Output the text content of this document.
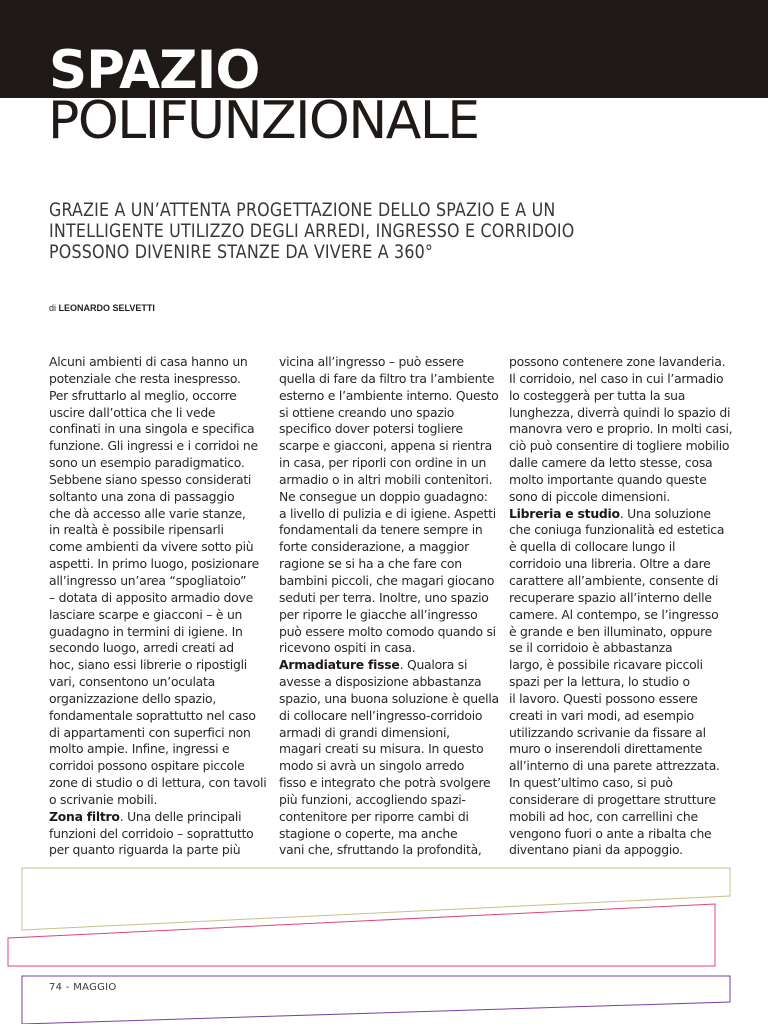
SPAZIO
POLIFUNZIONALE
GRAZIE A UN’ATTENTA PROGETTAZIONE DELLO SPAZIO E A UN
INTELLIGENTE UTILIZZO DEGLI ARREDI, INGRESSO E CORRIDOIO
POSSONO DIVENIRE STANZE DA VIVERE A 360°

di LEONARDO SELVETTI

Alcuni ambienti di casa hanno un
potenziale che resta inespresso.
Per sfruttarlo al meglio, occorre
uscire dall’ottica che li vede
confinati in una singola e specifica
funzione. Gli ingressi e i corridoi ne
sono un esempio paradigmatico.
Sebbene siano spesso considerati
soltanto una zona di passaggio
che dà accesso alle varie stanze,
in realtà è possibile ripensarli
come ambienti da vivere sotto più
aspetti. In primo luogo, posizionare
all’ingresso un’area “spogliatoio”
– dotata di apposito armadio dove
lasciare scarpe e giacconi – è un
guadagno in termini di igiene. In
secondo luogo, arredi creati ad
hoc, siano essi librerie o ripostigli
vari, consentono un’oculata
organizzazione dello spazio,
fondamentale soprattutto nel caso
di appartamenti con superfici non
molto ampie. Infine, ingressi e
corridoi possono ospitare piccole
zone di studio o di lettura, con tavoli
o scrivanie mobili.
Zona filtro. Una delle principali
funzioni del corridoio – soprattutto
per quanto riguarda la parte più
vicina all’ingresso – può essere
quella di fare da filtro tra l’ambiente
esterno e l’ambiente interno. Questo
si ottiene creando uno spazio
specifico dover potersi togliere
scarpe e giacconi, appena si rientra
in casa, per riporli con ordine in un
armadio o in altri mobili contenitori.
Ne consegue un doppio guadagno:
a livello di pulizia e di igiene. Aspetti
fondamentali da tenere sempre in
forte considerazione, a maggior
ragione se si ha a che fare con
bambini piccoli, che magari giocano
seduti per terra. Inoltre, uno spazio
per riporre le giacche all’ingresso
può essere molto comodo quando si
ricevono ospiti in casa.
Armadiature fisse. Qualora si
avesse a disposizione abbastanza
spazio, una buona soluzione è quella
di collocare nell’ingresso-corridoio
armadi di grandi dimensioni,
magari creati su misura. In questo
modo si avrà un singolo arredo
fisso e integrato che potrà svolgere
più funzioni, accogliendo spazi-
contenitore per riporre cambi di
stagione o coperte, ma anche
vani che, sfruttando la profondità,
possono contenere zone lavanderia.
Il corridoio, nel caso in cui l’armadio
lo costeggerà per tutta la sua
lunghezza, diverrà quindi lo spazio di
manovra vero e proprio. In molti casi,
ciò può consentire di togliere mobilio
dalle camere da letto stesse, cosa
molto importante quando queste
sono di piccole dimensioni.
Libreria e studio. Una soluzione
che coniuga funzionalità ed estetica
è quella di collocare lungo il
corridoio una libreria. Oltre a dare
carattere all’ambiente, consente di
recuperare spazio all’interno delle
camere. Al contempo, se l’ingresso
è grande e ben illuminato, oppure
se il corridoio è abbastanza
largo, è possibile ricavare piccoli
spazi per la lettura, lo studio o
il lavoro. Questi possono essere
creati in vari modi, ad esempio
utilizzando scrivanie da fissare al
muro o inserendoli direttamente
all’interno di una parete attrezzata.
In quest’ultimo caso, si può
considerare di progettare strutture
mobili ad hoc, con carrellini che
vengono fuori o ante a ribalta che
diventano piani da appoggio.

74 - MAGGIO
